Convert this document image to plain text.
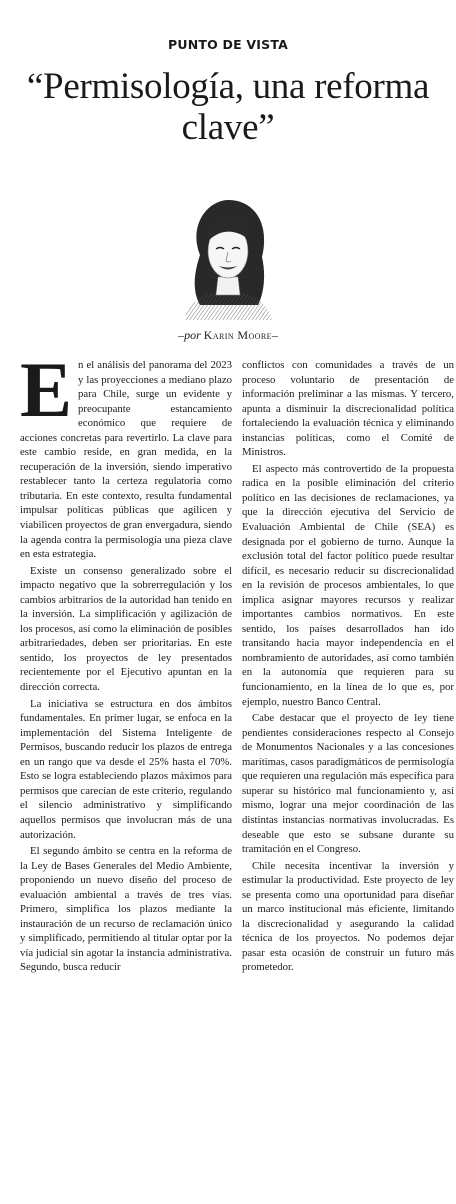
PUNTO DE VISTA
“Permisología, una reforma clave”
–por Karin Moore–

En el análisis del panorama del 2023 y las proyecciones a mediano plazo para Chile, surge un evidente y preocupante estancamiento económico que requiere de acciones concretas para revertirlo. La clave para este cambio reside, en gran medida, en la recuperación de la inversión, siendo imperativo restablecer tanto la certeza regulatoria como tributaria. En este contexto, resulta fundamental impulsar políticas públicas que agilicen y viabilicen proyectos de gran envergadura, siendo la agenda contra la permisología una pieza clave en esta estrategia.

Existe un consenso generalizado sobre el impacto negativo que la sobrerregulación y los cambios arbitrarios de la autoridad han tenido en la inversión. La simplificación y agilización de los procesos, así como la eliminación de posibles arbitrariedades, deben ser prioritarias. En este sentido, los proyectos de ley presentados recientemente por el Ejecutivo apuntan en la dirección correcta.

La iniciativa se estructura en dos ámbitos fundamentales. En primer lugar, se enfoca en la implementación del Sistema Inteligente de Permisos, buscando reducir los plazos de entrega en un rango que va desde el 25% hasta el 70%. Esto se logra estableciendo plazos máximos para permisos que carecían de este criterio, regulando el silencio administrativo y simplificando aquellos permisos que involucran más de una autorización.

El segundo ámbito se centra en la reforma de la Ley de Bases Generales del Medio Ambiente, proponiendo un nuevo diseño del proceso de evaluación ambiental a través de tres vías. Primero, simplifica los plazos mediante la instauración de un recurso de reclamación único y simplificado, permitiendo al titular optar por la vía judicial sin agotar la instancia administrativa. Segundo, busca reducir

conflictos con comunidades a través de un proceso voluntario de presentación de información preliminar a las mismas. Y tercero, apunta a disminuir la discrecionalidad política fortaleciendo la evaluación técnica y eliminando instancias políticas, como el Comité de Ministros.

El aspecto más controvertido de la propuesta radica en la posible eliminación del criterio político en las decisiones de reclamaciones, ya que la dirección ejecutiva del Servicio de Evaluación Ambiental de Chile (SEA) es designada por el gobierno de turno. Aunque la exclusión total del factor político puede resultar difícil, es necesario reducir su discrecionalidad en la revisión de procesos ambientales, lo que implica asignar mayores recursos y realizar importantes cambios normativos. En este sentido, los países desarrollados han ido transitando hacia mayor independencia en el nombramiento de autoridades, así como también en la autonomía que requieren para su funcionamiento, en la línea de lo que es, por ejemplo, nuestro Banco Central.

Cabe destacar que el proyecto de ley tiene pendientes consideraciones respecto al Consejo de Monumentos Nacionales y a las concesiones marítimas, casos paradigmáticos de permisología que requieren una regulación más específica para superar su histórico mal funcionamiento y, así mismo, lograr una mejor coordinación de las distintas instancias normativas involucradas. Es deseable que esto se subsane durante su tramitación en el Congreso.

Chile necesita incentivar la inversión y estimular la productividad. Este proyecto de ley se presenta como una oportunidad para diseñar un marco institucional más eficiente, limitando la discrecionalidad y asegurando la calidad técnica de los proyectos. No podemos dejar pasar esta ocasión de construir un futuro más prometedor.
